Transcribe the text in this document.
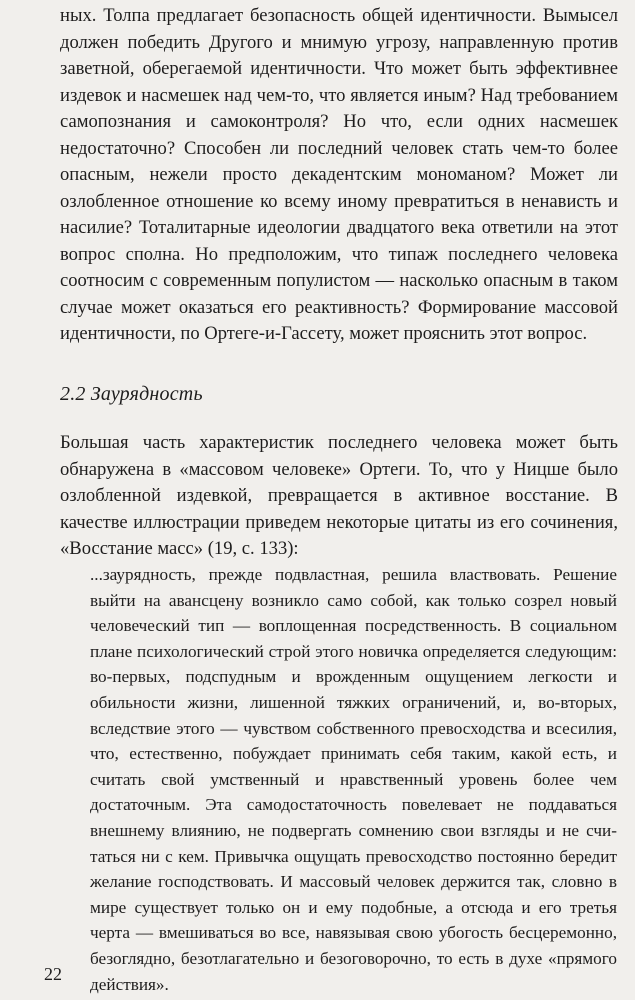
ных. Толпа предлагает безопасность общей идентичности. Вымысел должен победить Другого и мнимую угрозу, направленную против заветной, оберегаемой идентичности. Что может быть эффективнее издевок и насмешек над чем-то, что является иным? Над требованием самопознания и самоконтроля? Но что, если одних насмешек недостаточно? Способен ли последний человек стать чем-то более опасным, нежели просто декадентским мономаном? Может ли озлобленное отношение ко всему иному превратиться в ненависть и насилие? Тоталитарные идеологии двадцатого века ответили на этот вопрос сполна. Но предположим, что типаж последнего человека соотносим с современным популистом — насколько опасным в таком случае может оказаться его реактивность? Формирование массовой идентичности, по Ортеге-и-Гассету, может прояснить этот вопрос.

2.2 Заурядность

Большая часть характеристик последнего человека может быть обнаружена в «массовом человеке» Ортеги. То, что у Ницше было озлобленной издевкой, превращается в активное восстание. В качестве иллюстрации приведем некоторые цитаты из его сочинения, «Восстание масс» (19, с. 133):

...заурядность, прежде подвластная, решила властвовать. Решение выйти на авансцену возникло само собой, как только созрел новый человеческий тип — воплощенная посредственность. В социальном плане психологический строй этого новичка определяется следующим: во-первых, подспудным и врожденным ощущением легкости и обильности жизни, лишенной тяжких ограничений, и, во-вторых, вследствие этого — чувством собственного превосходства и всесилия, что, естественно, побуждает принимать себя таким, какой есть, и считать свой умственный и нравственный уровень более чем достаточным. Эта самодостаточность повелевает не поддаваться внешнему влиянию, не подвергать сомнению свои взгляды и не считаться ни с кем. Привычка ощущать превосходство постоянно бередит желание господствовать. И массовый человек держится так, словно в мире существует только он и ему подобные, а отсюда и его третья черта — вмешиваться во все, навязывая свою убогость бесцеремонно, безоглядно, безотлагательно и безоговорочно, то есть в духе «прямого действия».

22
